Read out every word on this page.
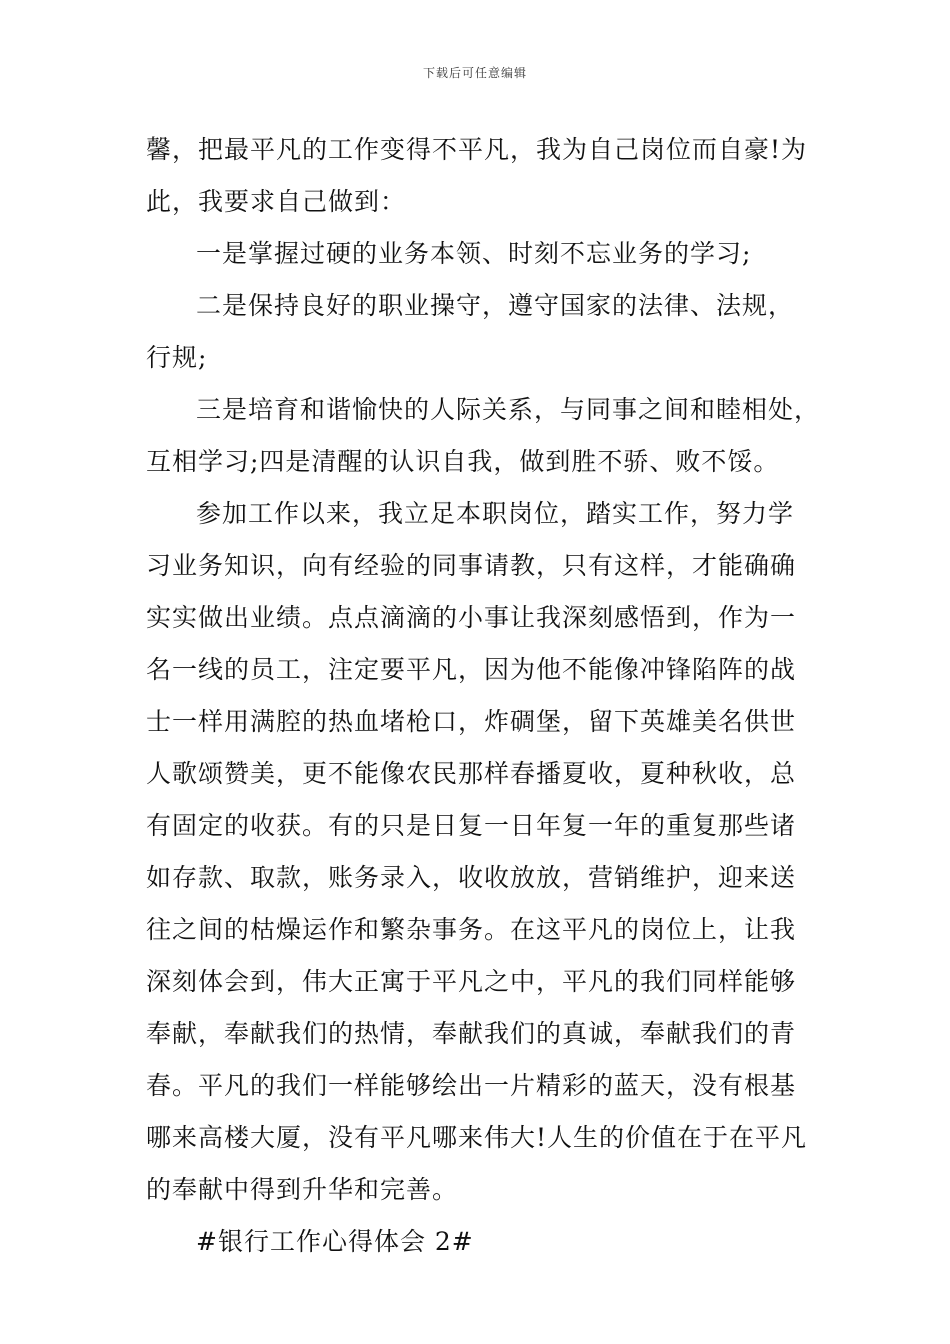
下载后可任意编辑
馨，把最平凡的工作变得不平凡，我为自己岗位而自豪!为
此，我要求自己做到：
一是掌握过硬的业务本领、时刻不忘业务的学习;
二是保持良好的职业操守，遵守国家的法律、法规，
行规;
三是培育和谐愉快的人际关系，与同事之间和睦相处，
互相学习;四是清醒的认识自我，做到胜不骄、败不馁。
参加工作以来，我立足本职岗位，踏实工作，努力学
习业务知识，向有经验的同事请教，只有这样，才能确确
实实做出业绩。点点滴滴的小事让我深刻感悟到，作为一
名一线的员工，注定要平凡，因为他不能像冲锋陷阵的战
士一样用满腔的热血堵枪口，炸碉堡，留下英雄美名供世
人歌颂赞美，更不能像农民那样春播夏收，夏种秋收，总
有固定的收获。有的只是日复一日年复一年的重复那些诸
如存款、取款，账务录入，收收放放，营销维护，迎来送
往之间的枯燥运作和繁杂事务。在这平凡的岗位上，让我
深刻体会到，伟大正寓于平凡之中，平凡的我们同样能够
奉献，奉献我们的热情，奉献我们的真诚，奉献我们的青
春。平凡的我们一样能够绘出一片精彩的蓝天，没有根基
哪来高楼大厦，没有平凡哪来伟大!人生的价值在于在平凡
的奉献中得到升华和完善。
#银行工作心得体会 2#
